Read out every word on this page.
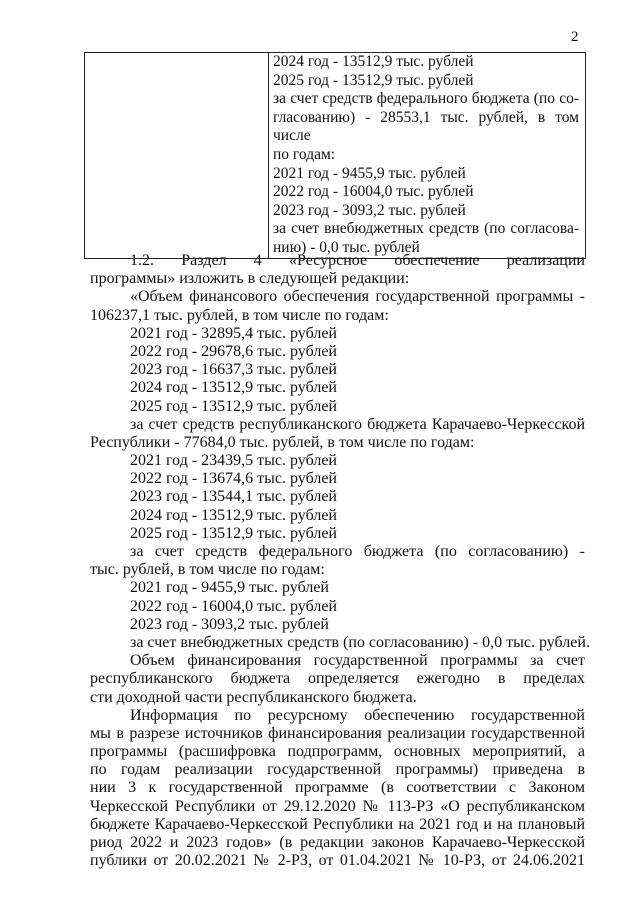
2

2024 год - 13512,9 тыс. рублей
2025 год - 13512,9 тыс. рублей
за счет средств федерального бюджета (по со-
гласованию) - 28553,1 тыс. рублей, в том числе
по годам:
2021 год - 9455,9 тыс. рублей
2022 год - 16004,0 тыс. рублей
2023 год - 3093,2 тыс. рублей
за счет внебюджетных средств (по согласова-
нию) - 0,0 тыс. рублей
1.2. Раздел 4 «Ресурсное обеспечение реализации
программы» изложить в следующей редакции:
«Объем финансового обеспечения государственной программы -
106237,1 тыс. рублей, в том числе по годам:
2021 год - 32895,4 тыс. рублей
2022 год - 29678,6 тыс. рублей
2023 год - 16637,3 тыс. рублей
2024 год - 13512,9 тыс. рублей
2025 год - 13512,9 тыс. рублей
за счет средств республиканского бюджета Карачаево-Черкесской
Республики - 77684,0 тыс. рублей, в том числе по годам:
2021 год - 23439,5 тыс. рублей
2022 год - 13674,6 тыс. рублей
2023 год - 13544,1 тыс. рублей
2024 год - 13512,9 тыс. рублей
2025 год - 13512,9 тыс. рублей
за счет средств федерального бюджета (по согласованию) -
тыс. рублей, в том числе по годам:
2021 год - 9455,9 тыс. рублей
2022 год - 16004,0 тыс. рублей
2023 год - 3093,2 тыс. рублей
за счет внебюджетных средств (по согласованию) - 0,0 тыс. рублей.
Объем финансирования государственной программы за счет
республиканского бюджета определяется ежегодно в пределах
сти доходной части республиканского бюджета.
Информация по ресурсному обеспечению государственной
мы в разрезе источников финансирования реализации государственной
программы (расшифровка подпрограмм, основных мероприятий, а
по годам реализации государственной программы) приведена в
нии 3 к государственной программе (в соответствии с Законом
Черкесской Республики от 29.12.2020 № 113-РЗ «О республиканском
бюджете Карачаево-Черкесской Республики на 2021 год и на плановый
риод 2022 и 2023 годов» (в редакции законов Карачаево-Черкесской
публики от 20.02.2021 № 2-РЗ, от 01.04.2021 № 10-РЗ, от 24.06.2021
